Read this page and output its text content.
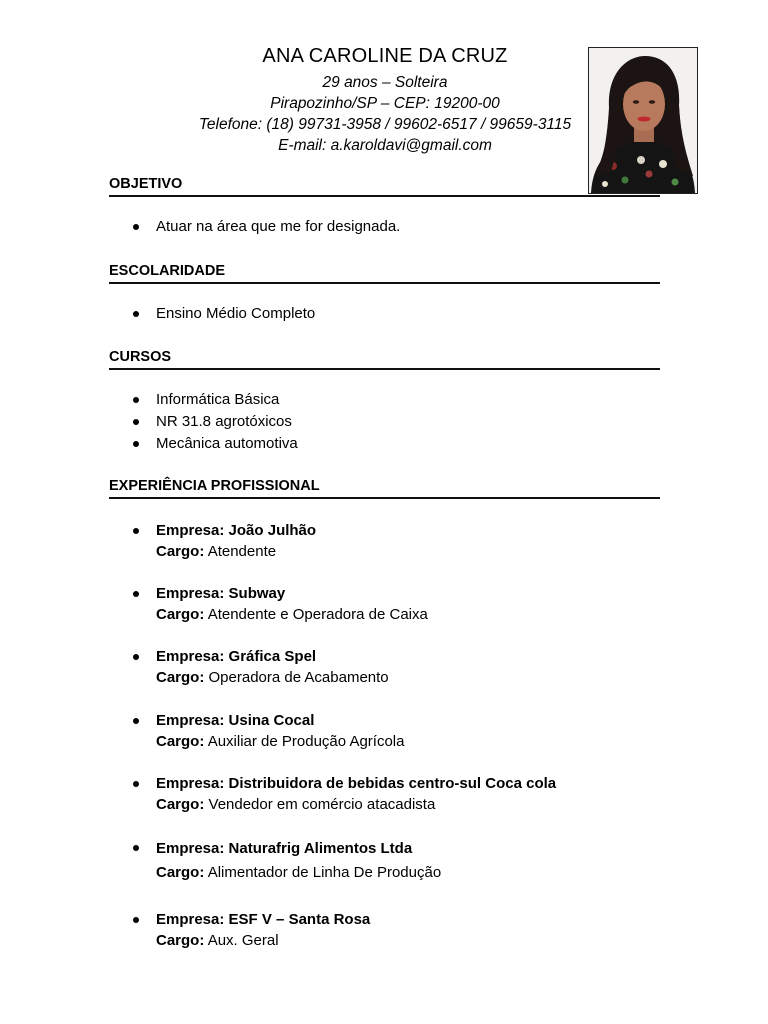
ANA CAROLINE DA CRUZ
29 anos – Solteira
Pirapozinho/SP – CEP: 19200-00
Telefone: (18) 99731-3958 / 99602-6517 / 99659-3115
E-mail: a.karoldavi@gmail.com
OBJETIVO
Atuar na área que me for designada.
ESCOLARIDADE
Ensino Médio Completo
CURSOS
Informática Básica
NR 31.8 agrotóxicos
Mecânica automotiva
EXPERIÊNCIA PROFISSIONAL
Empresa: João Julhão
Cargo: Atendente
Empresa: Subway
Cargo: Atendente e Operadora de Caixa
Empresa: Gráfica Spel
Cargo: Operadora de Acabamento
Empresa: Usina Cocal
Cargo: Auxiliar de Produção Agrícola
Empresa: Distribuidora de bebidas centro-sul Coca cola
Cargo: Vendedor em comércio atacadista
Empresa: Naturafrig Alimentos Ltda
Cargo: Alimentador de Linha De Produção
Empresa: ESF V – Santa Rosa
Cargo: Aux. Geral
